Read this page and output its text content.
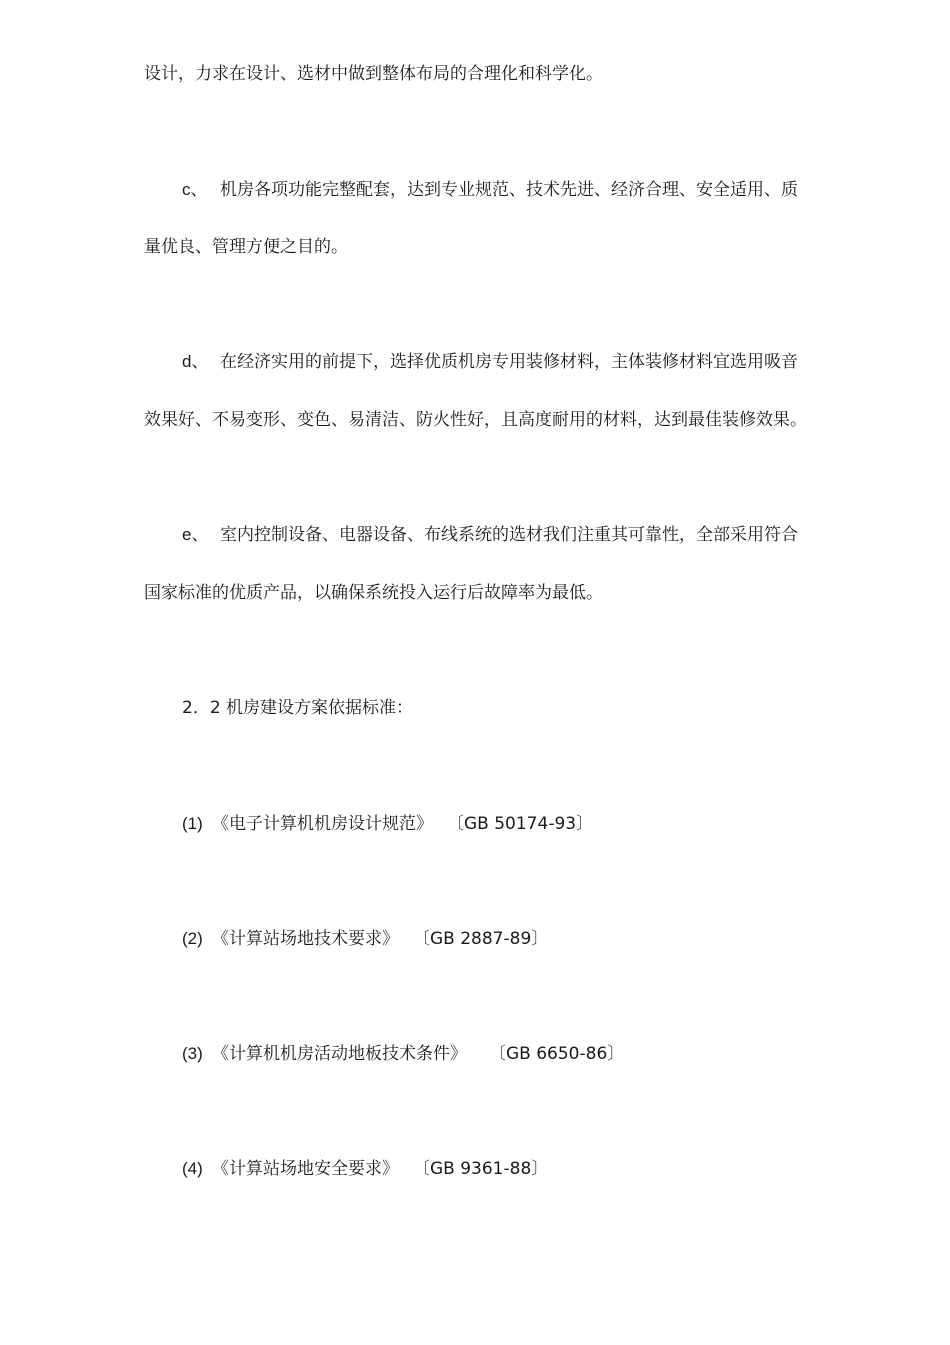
设计，力求在设计、选材中做到整体布局的合理化和科学化。
c、 机房各项功能完整配套，达到专业规范、技术先进、经济合理、安全适用、质
量优良、管理方便之目的。
d、 在经济实用的前提下，选择优质机房专用装修材料，主体装修材料宜选用吸音
效果好、不易变形、变色、易清洁、防火性好，且高度耐用的材料，达到最佳装修效果。
e、 室内控制设备、电器设备、布线系统的选材我们注重其可靠性，全部采用符合
国家标准的优质产品，以确保系统投入运行后故障率为最低。
2．2 机房建设方案依据标准：
(1) 《电子计算机机房设计规范》 〔GB 50174-93〕
(2) 《计算站场地技术要求》 〔GB 2887-89〕
(3) 《计算机机房活动地板技术条件》 〔GB 6650-86〕
(4) 《计算站场地安全要求》 〔GB 9361-88〕
